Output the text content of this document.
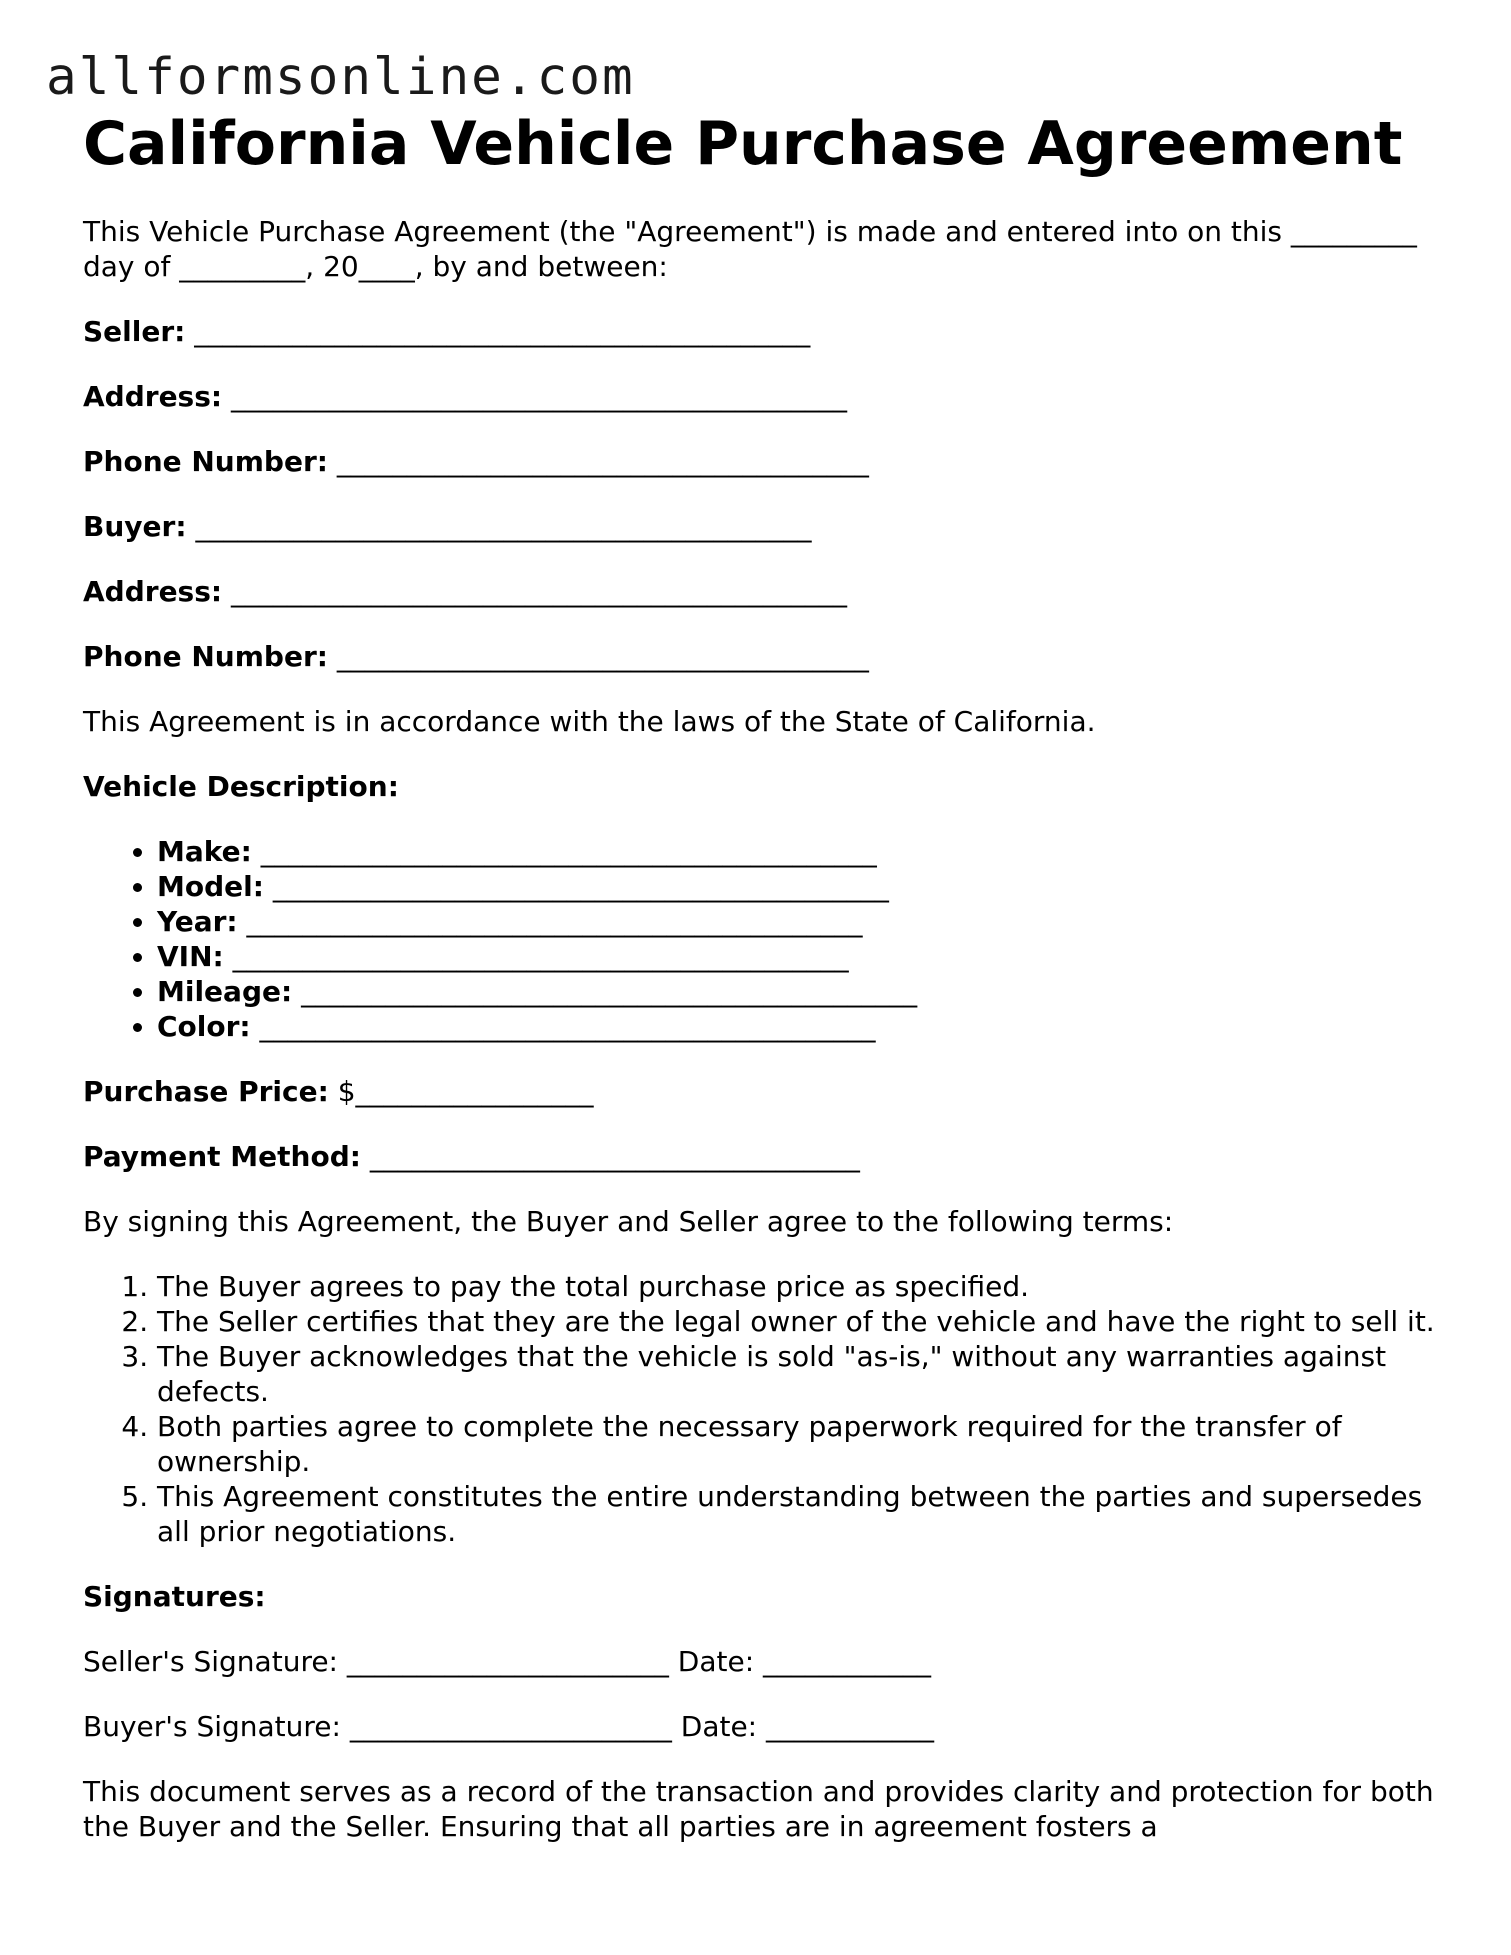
allformsonline.com
California Vehicle Purchase Agreement

This Vehicle Purchase Agreement (the "Agreement") is made and entered into on this _________ day of _________, 20____, by and between:

Seller: ____________________________________________

Address: ____________________________________________

Phone Number: ______________________________________

Buyer: ____________________________________________

Address: ____________________________________________

Phone Number: ______________________________________

This Agreement is in accordance with the laws of the State of California.

Vehicle Description:

• Make: ____________________________________________
• Model: ____________________________________________
• Year: ____________________________________________
• VIN: ____________________________________________
• Mileage: ____________________________________________
• Color: ____________________________________________

Purchase Price: $_________________

Payment Method: ___________________________________

By signing this Agreement, the Buyer and Seller agree to the following terms:

1. The Buyer agrees to pay the total purchase price as specified.
2. The Seller certifies that they are the legal owner of the vehicle and have the right to sell it.
3. The Buyer acknowledges that the vehicle is sold "as-is," without any warranties against defects.
4. Both parties agree to complete the necessary paperwork required for the transfer of ownership.
5. This Agreement constitutes the entire understanding between the parties and supersedes all prior negotiations.

Signatures:

Seller's Signature: _______________________ Date: ____________

Buyer's Signature: _______________________ Date: ____________

This document serves as a record of the transaction and provides clarity and protection for both the Buyer and the Seller. Ensuring that all parties are in agreement fosters a
